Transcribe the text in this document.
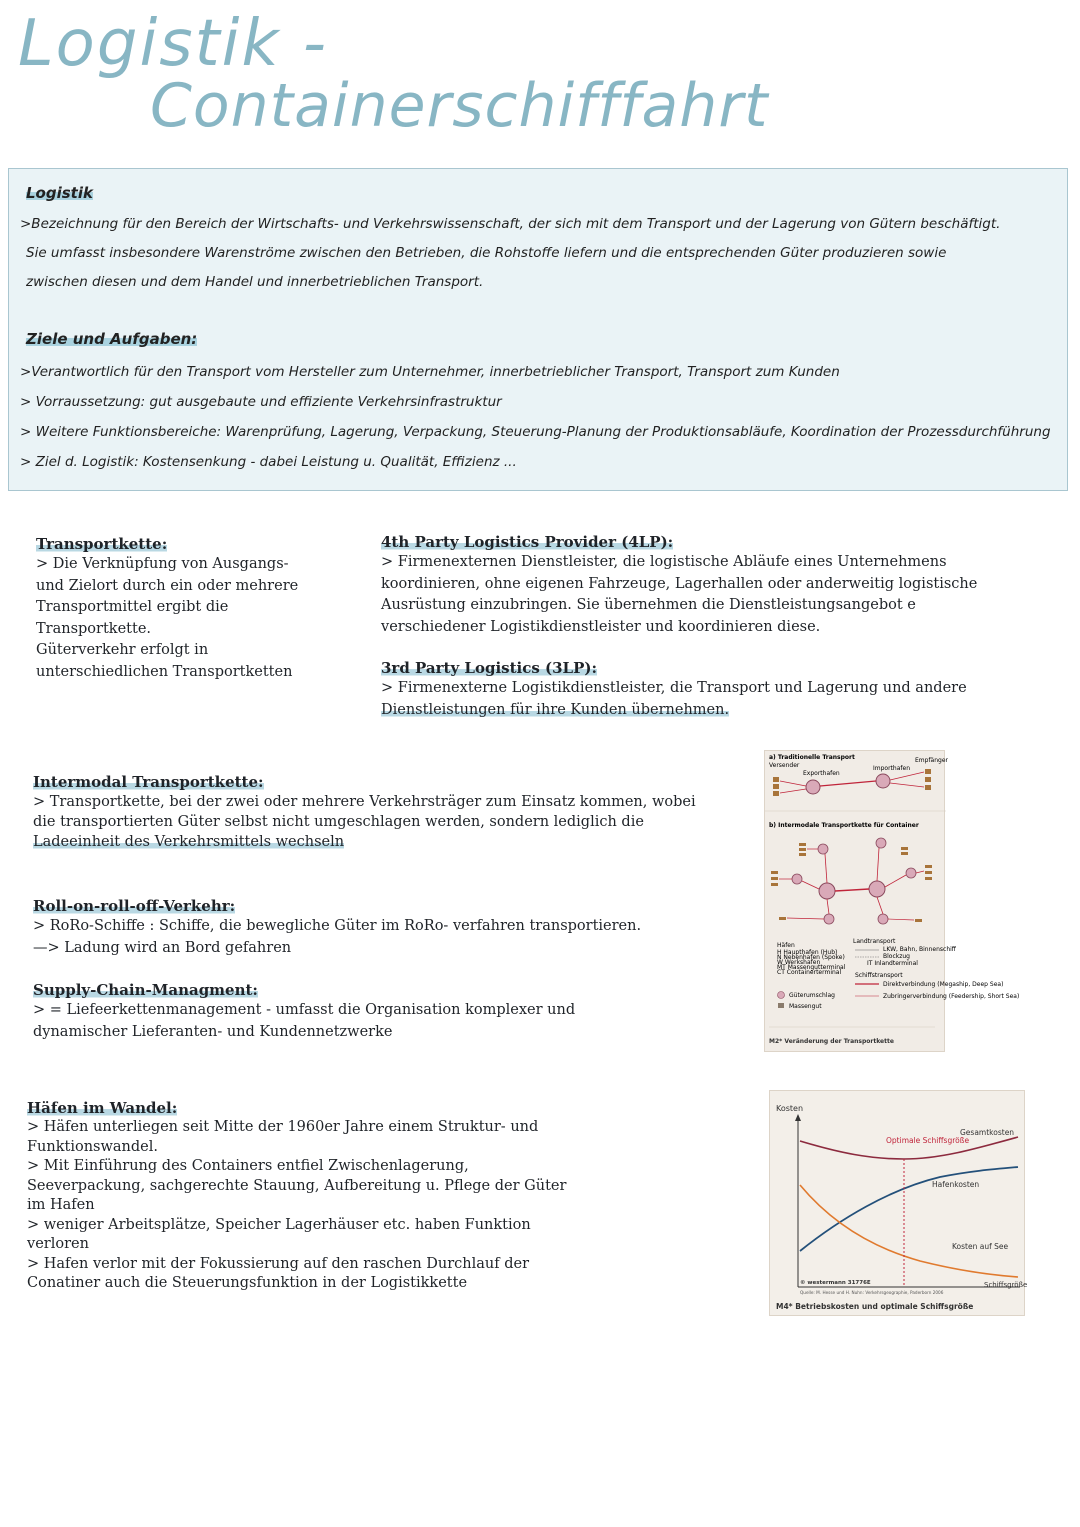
Logistik -
Containerschifffahrt
Logistik
>Bezeichnung für den Bereich der Wirtschafts- und Verkehrswissenschaft, der sich mit dem Transport und der Lagerung von Gütern beschäftigt.
Sie umfasst insbesondere Warenströme zwischen den Betrieben, die Rohstoffe liefern und die entsprechenden Güter produzieren sowie
zwischen diesen und dem Handel und innerbetrieblichen Transport.
Ziele und Aufgaben:
>Verantwortlich für den Transport vom Hersteller zum Unternehmer, innerbetrieblicher Transport, Transport zum Kunden
> Vorraussetzung: gut ausgebaute und effiziente Verkehrsinfrastruktur
> Weitere Funktionsbereiche: Warenprüfung, Lagerung, Verpackung, Steuerung-Planung der Produktionsabläufe, Koordination der Prozessdurchführung
> Ziel d. Logistik: Kostensenkung - dabei Leistung u. Qualität, Effizienz ...
Transportkette:
> Die Verknüpfung von Ausgangs-
und Zielort durch ein oder mehrere
Transportmittel ergibt die
Transportkette.
Güterverkehr erfolgt in
unterschiedlichen Transportketten
4th Party Logistics Provider (4LP):
> Firmenexternen Dienstleister, die logistische Abläufe eines Unternehmens
koordinieren, ohne eigenen Fahrzeuge, Lagerhallen oder anderweitig logistische
Ausrüstung einzubringen. Sie übernehmen die Dienstleistungsangebot e
verschiedener Logistikdienstleister und koordinieren diese.
3rd Party Logistics (3LP):
> Firmenexterne Logistikdienstleister, die Transport und Lagerung und andere
Dienstleistungen für ihre Kunden übernehmen.
Intermodal Transportkette:
> Transportkette, bei der zwei oder mehrere Verkehrsträger zum Einsatz kommen, wobei
die transportierten Güter selbst nicht umgeschlagen werden, sondern lediglich die
Ladeeinheit des Verkehrsmittels wechseln
Roll-on-roll-off-Verkehr:
> RoRo-Schiffe : Schiffe, die bewegliche Güter im RoRo- verfahren transportieren.
—> Ladung wird an Bord gefahren
Supply-Chain-Managment:
> = Liefeerkettenmanagement - umfasst die Organisation komplexer und
dynamischer Lieferanten- und Kundennetzwerke
Häfen im Wandel:
> Häfen unterliegen seit Mitte der 1960er Jahre einem Struktur- und
Funktionswandel.
> Mit Einführung des Containers entfiel Zwischenlagerung,
Seeverpackung, sachgerechte Stauung, Aufbereitung u. Pflege der Güter
im Hafen
> weniger Arbeitsplätze, Speicher Lagerhäuser etc. haben Funktion
verloren
> Hafen verlor mit der Fokussierung auf den raschen Durchlauf der
Conatiner auch die Steuerungsfunktion in der Logistikkette
a) Traditionelle Transport
Versender
Empfänger
Exporthafen
Importhafen
b) Intermodale Transportkette für Container
Häfen
H Haupthafen (Hub)
N Nebenhafen (Spoke)
W Werkshafen
MT Massengutterminal
CT Containerterminal
Landtransport
LKW, Bahn, Binnenschiff
Blockzug
IT Inlandterminal
Schiffstransport
Direktverbindung (Megaship, Deep Sea)
Zubringerverbindung (Feedership, Short Sea)
Güterumschlag
Massengut
M2* Veränderung der Transportkette
Kosten
Schiffsgröße
Optimale Schiffsgröße
Gesamtkosten
Hafenkosten
Kosten auf See
© westermann 31776E
Quelle: M. Hesse und H. Nuhn: Verkehrsgeographie, Paderborn 2006
M4* Betriebskosten und optimale Schiffsgröße
